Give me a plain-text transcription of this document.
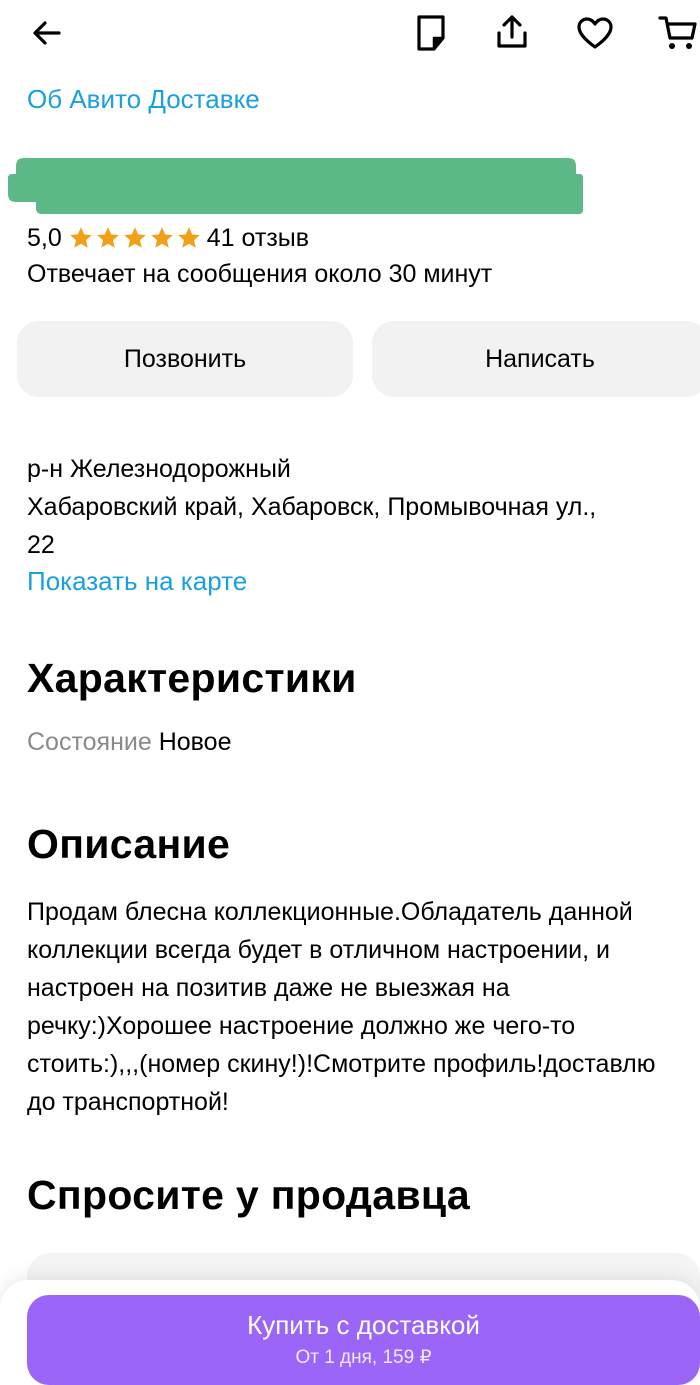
Об Авито Доставке
5,0	41 отзыв
Отвечает на сообщения около 30 минут
Позвонить	Написать
р-н Железнодорожный
Хабаровский край, Хабаровск, Промывочная ул.,
22
Показать на карте
Характеристики
Состояние Новое
Описание
Продам блесна коллекционные.Обладатель данной коллекции всегда будет в отличном настроении, и настроен на позитив даже не выезжая на речку:)Хорошее настроение должно же чего-то стоить:),,,(номер скину!)!Смотрите профиль!доставлю до транспортной!
Спросите у продавца
Купить с доставкой
От 1 дня, 159 ₽
